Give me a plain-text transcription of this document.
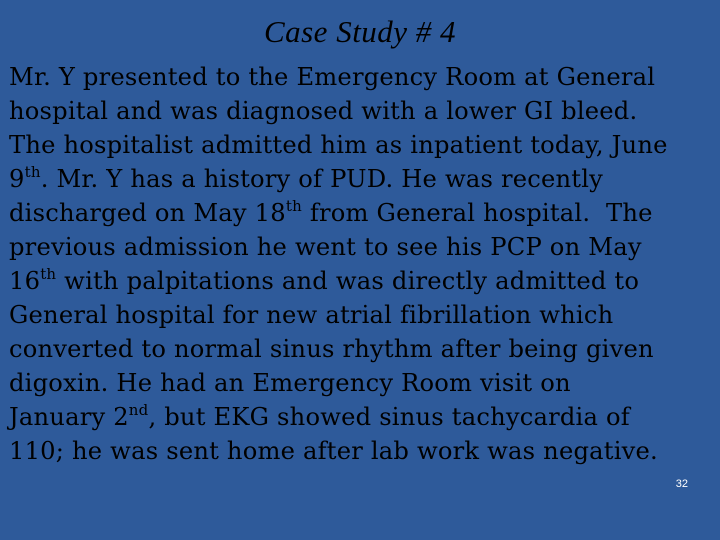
Case Study # 4
Mr. Y presented to the Emergency Room at General
hospital and was diagnosed with a lower GI bleed.
The hospitalist admitted him as inpatient today, June
9th. Mr. Y has a history of PUD. He was recently
discharged on May 18th from General hospital.  The
previous admission he went to see his PCP on May
16th with palpitations and was directly admitted to
General hospital for new atrial fibrillation which
converted to normal sinus rhythm after being given
digoxin. He had an Emergency Room visit on
January 2nd, but EKG showed sinus tachycardia of
110; he was sent home after lab work was negative.
32
